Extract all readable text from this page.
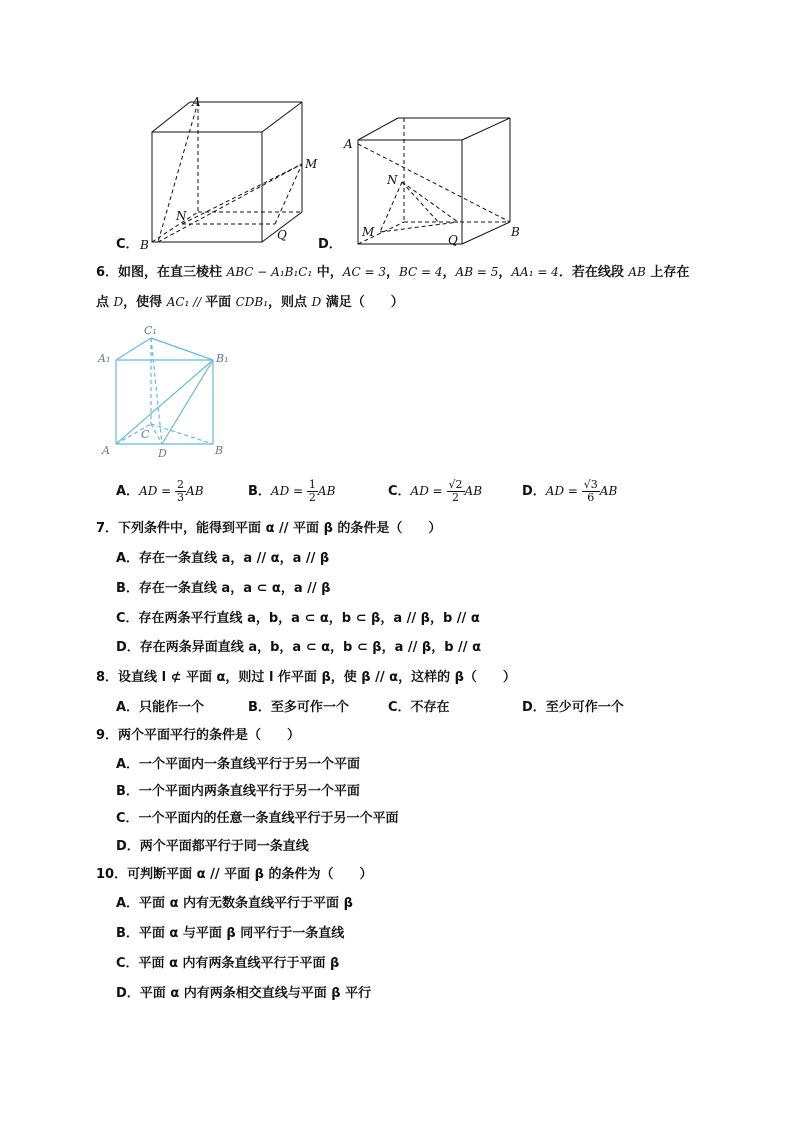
A
M
N
B
Q
C．
A
N
M
Q
B
D．
6．如图，在直三棱柱 ABC − A₁B₁C₁ 中，AC = 3，BC = 4，AB = 5，AA₁ = 4．若在线段 AB 上存在
点 D，使得 AC₁ // 平面 CDB₁，则点 D 满足（　　）
C₁
A₁	B₁
C
A	D	B
A．AD = $\frac{2}{3}$ AB	B．AD = $\frac{1}{2}$ AB	C．AD = $\frac{√2}{2}$ AB	D．AD = $\frac{√3}{6}$ AB
7．下列条件中，能得到平面 α // 平面 β 的条件是（　　）
A．存在一条直线 a，a // α，a // β
B．存在一条直线 a，a ⊂ α，a // β
C．存在两条平行直线 a，b，a ⊂ α，b ⊂ β，a // β，b // α
D．存在两条异面直线 a，b，a ⊂ α，b ⊂ β，a // β，b // α
8．设直线 l ⊄ 平面 α，则过 l 作平面 β，使 β // α，这样的 β（　　）
A．只能作一个	B．至多可作一个	C．不存在	D．至少可作一个
9．两个平面平行的条件是（　　）
A．一个平面内一条直线平行于另一个平面
B．一个平面内两条直线平行于另一个平面
C．一个平面内的任意一条直线平行于另一个平面
D．两个平面都平行于同一条直线
10．可判断平面 α // 平面 β 的条件为（　　）
A．平面 α 内有无数条直线平行于平面 β
B．平面 α 与平面 β 同平行于一条直线
C．平面 α 内有两条直线平行于平面 β
D．平面 α 内有两条相交直线与平面 β 平行
